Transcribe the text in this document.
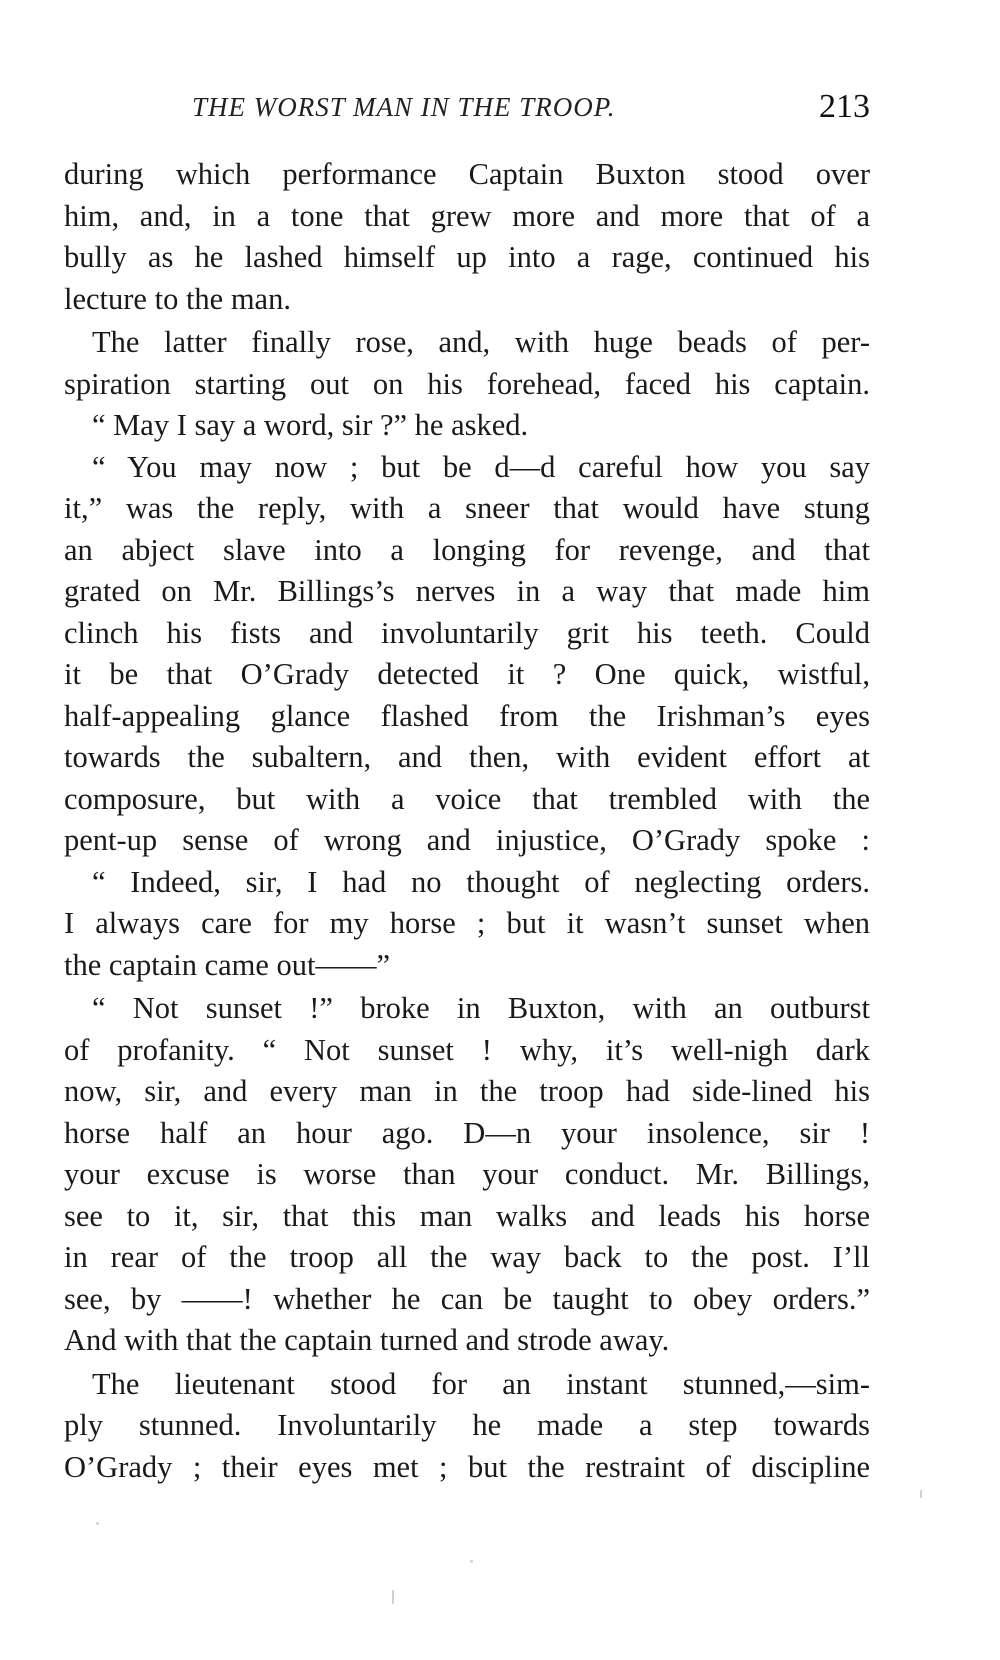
THE WORST MAN IN THE TROOP.	213
during which performance Captain Buxton stood over
him, and, in a tone that grew more and more that of a
bully as he lashed himself up into a rage, continued his
lecture to the man.
The latter finally rose, and, with huge beads of per-
spiration starting out on his forehead, faced his captain.
“ May I say a word, sir ?” he asked.
“ You may now ; but be d—d careful how you say
it,” was the reply, with a sneer that would have stung
an abject slave into a longing for revenge, and that
grated on Mr. Billings’s nerves in a way that made him
clinch his fists and involuntarily grit his teeth. Could
it be that O’Grady detected it ? One quick, wistful,
half-appealing glance flashed from the Irishman’s eyes
towards the subaltern, and then, with evident effort at
composure, but with a voice that trembled with the
pent-up sense of wrong and injustice, O’Grady spoke :
“ Indeed, sir, I had no thought of neglecting orders.
I always care for my horse ; but it wasn’t sunset when
the captain came out——”
“ Not sunset !” broke in Buxton, with an outburst
of profanity. “ Not sunset ! why, it’s well-nigh dark
now, sir, and every man in the troop had side-lined his
horse half an hour ago. D—n your insolence, sir !
your excuse is worse than your conduct. Mr. Billings,
see to it, sir, that this man walks and leads his horse
in rear of the troop all the way back to the post. I’ll
see, by ——! whether he can be taught to obey orders.”
And with that the captain turned and strode away.
The lieutenant stood for an instant stunned,—sim-
ply stunned. Involuntarily he made a step towards
O’Grady ; their eyes met ; but the restraint of discipline
